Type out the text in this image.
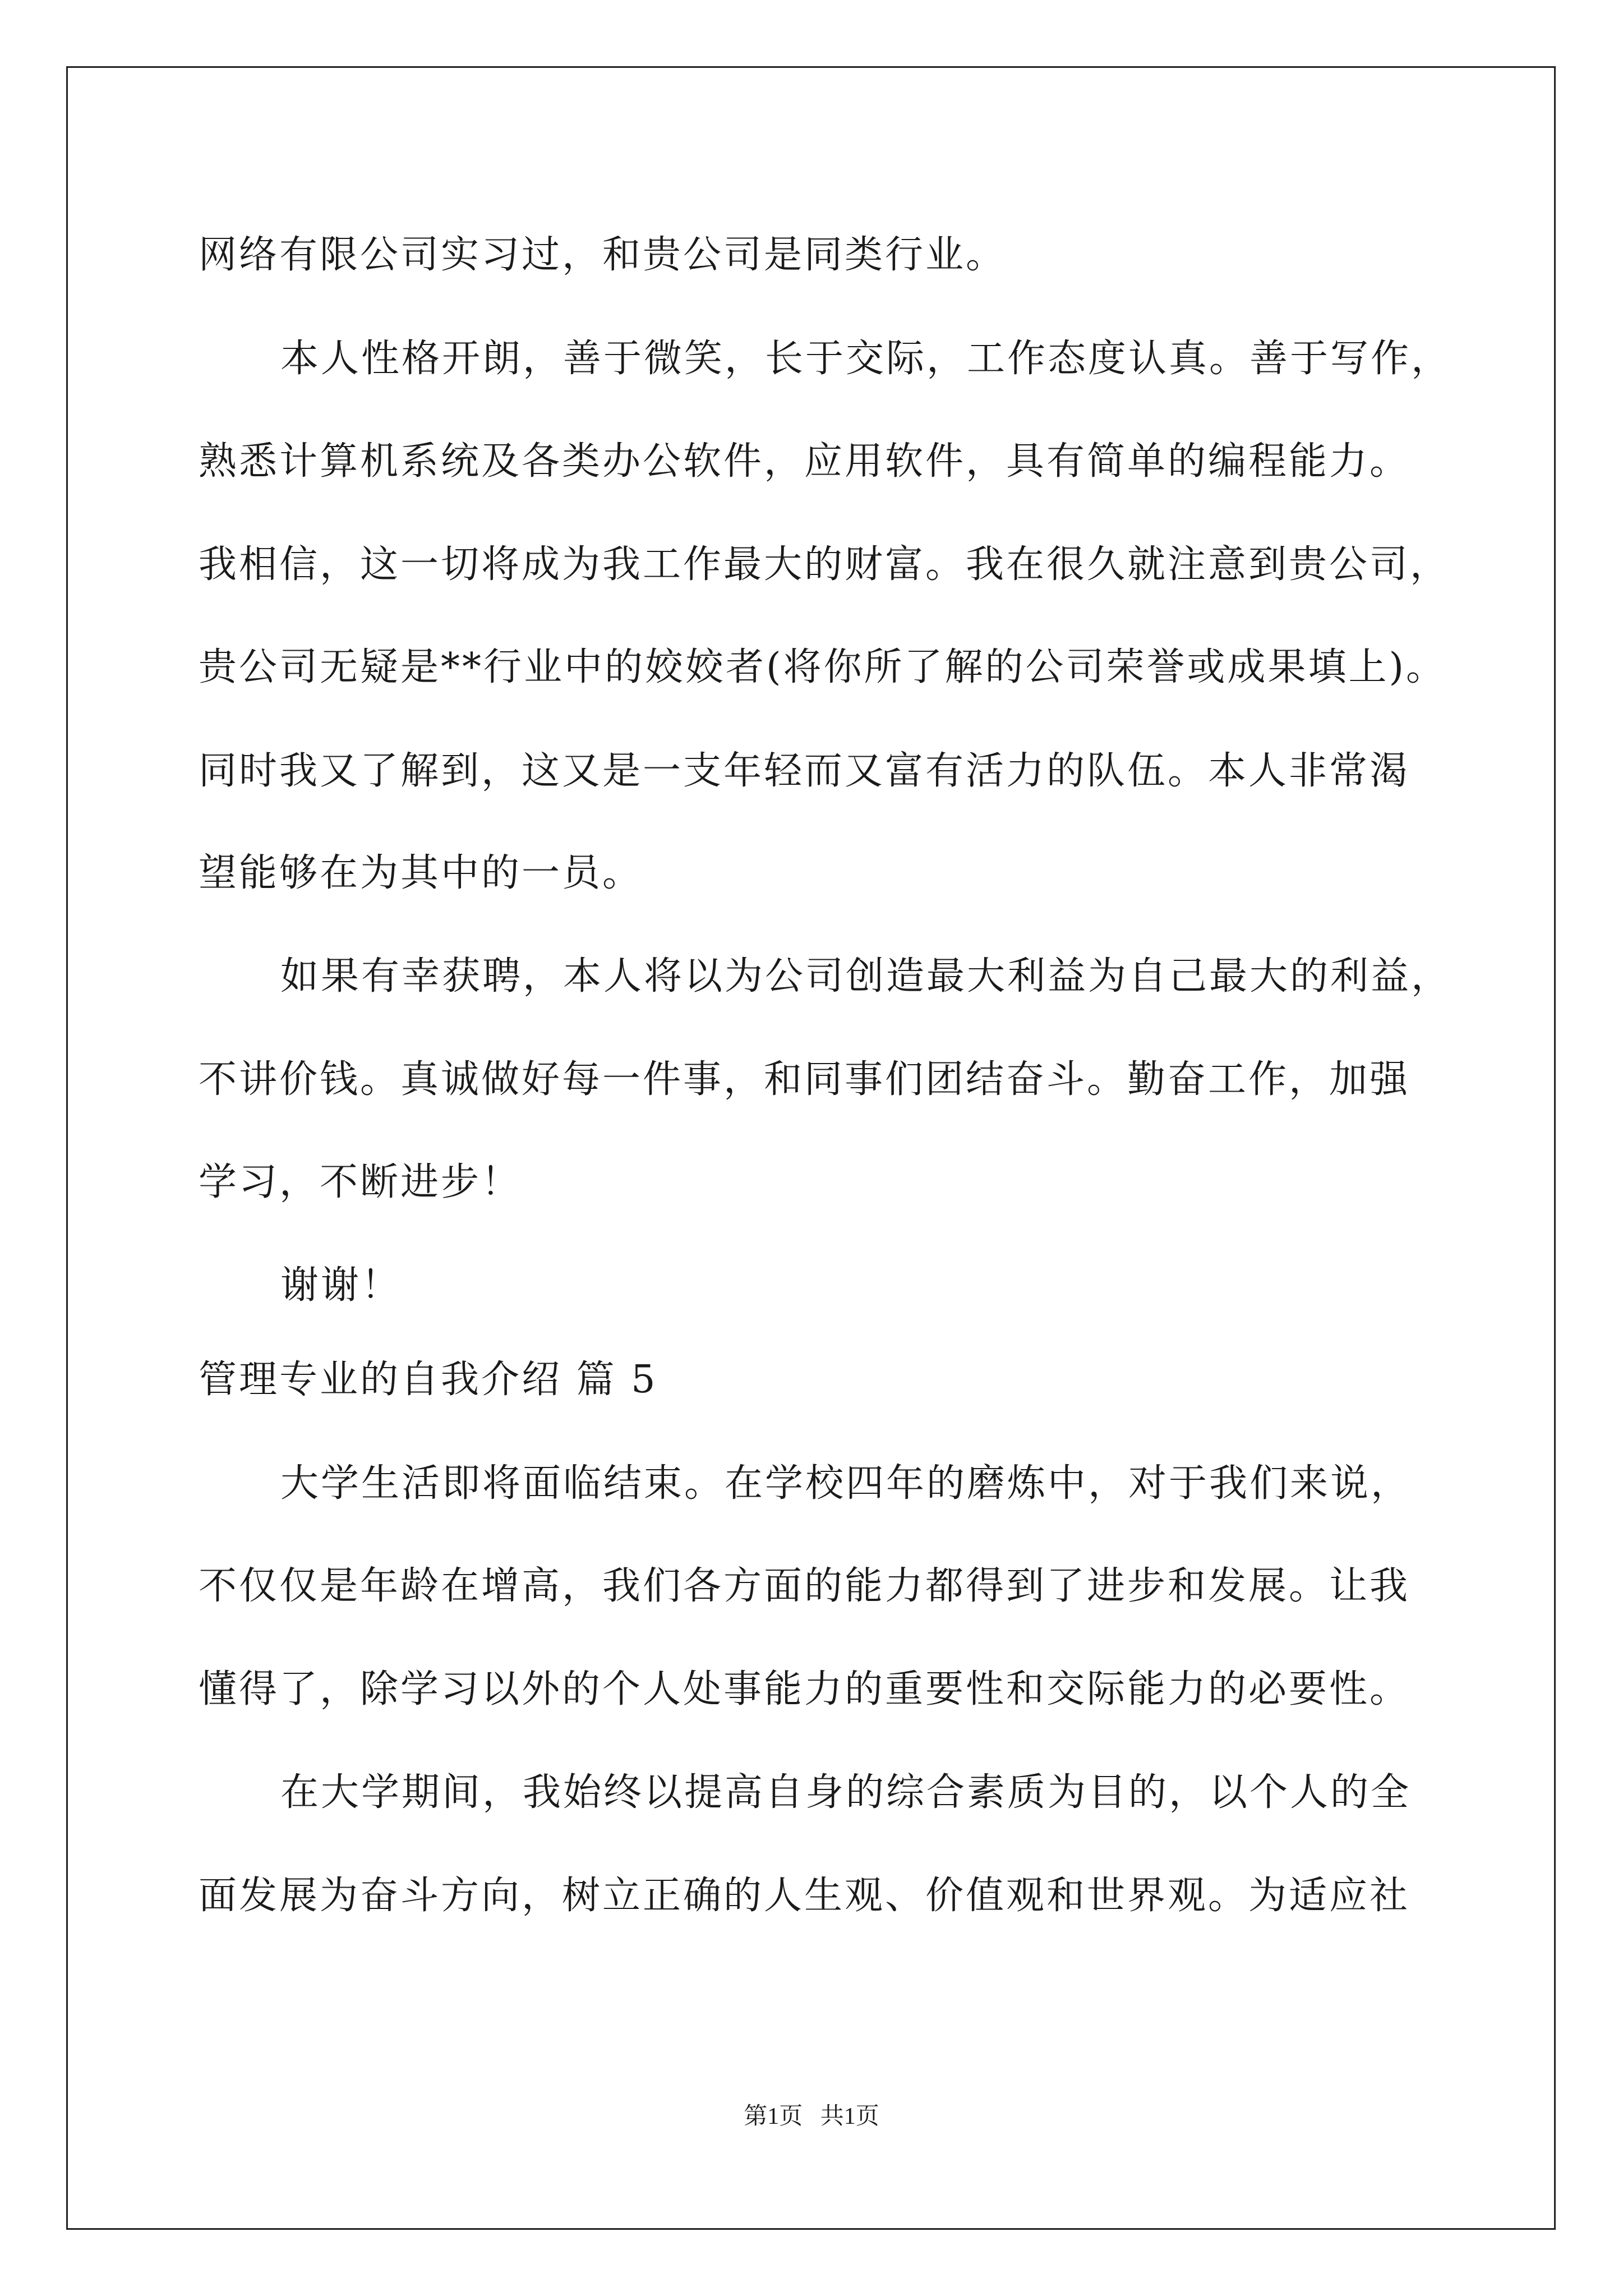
网络有限公司实习过，和贵公司是同类行业。
本人性格开朗，善于微笑，长于交际，工作态度认真。善于写作，
熟悉计算机系统及各类办公软件，应用软件，具有简单的编程能力。
我相信，这一切将成为我工作最大的财富。我在很久就注意到贵公司，
贵公司无疑是**行业中的姣姣者(将你所了解的公司荣誉或成果填上)。
同时我又了解到，这又是一支年轻而又富有活力的队伍。本人非常渴
望能够在为其中的一员。
如果有幸获聘，本人将以为公司创造最大利益为自己最大的利益，
不讲价钱。真诚做好每一件事，和同事们团结奋斗。勤奋工作，加强
学习，不断进步！
谢谢！
管理专业的自我介绍 篇 5
大学生活即将面临结束。在学校四年的磨炼中，对于我们来说，
不仅仅是年龄在增高，我们各方面的能力都得到了进步和发展。让我
懂得了，除学习以外的个人处事能力的重要性和交际能力的必要性。
在大学期间，我始终以提高自身的综合素质为目的，以个人的全
面发展为奋斗方向，树立正确的人生观、价值观和世界观。为适应社
第1页   共1页
